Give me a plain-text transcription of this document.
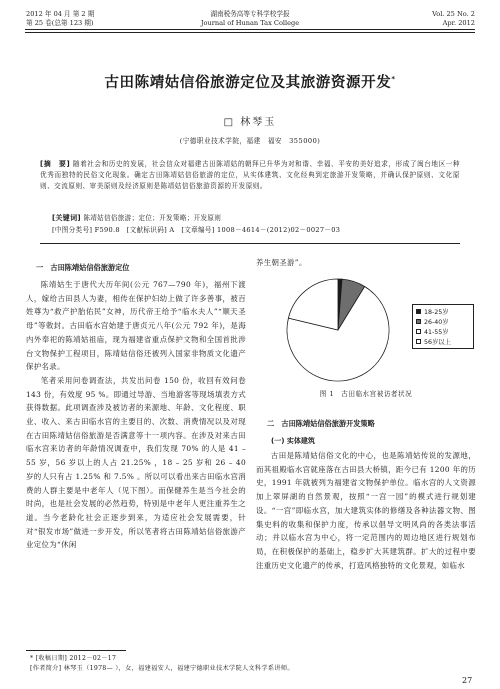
2012 年 04 月 第 2 期
第 25 卷(总第 123 期)
湖南税务高等专科学校学报
Journal of Hunan Tax College
Vol. 25 No. 2
Apr. 2012
古田陈靖姑信俗旅游定位及其旅游资源开发*
□ 林琴玉
(宁德职业技术学院，福建　福安　355000)
[摘　要] 随着社会和历史的发展，社会信众对福建古田陈靖姑的朝拜已升华为对和谐、幸福、平安的美好追求，形成了闽台地区一种优秀而独特的民俗文化现象。确定古田陈靖姑信俗旅游的定位，从实体建筑、文化经典到定旅游开发策略，并确认保护原则、文化原则、交流原则、审美原则及经济原则是陈靖姑信俗旅游资源的开发原则。
[关键词] 陈靖姑信俗旅游；定位；开发策略；开发原则
[中图分类号] F590.8　[文献标识码] A　[文章编号] 1008－4614－(2012)02－0027－03
一　古田陈靖姑信俗旅游定位

陈靖姑生于唐代大历年间(公元 767—790 年)，福州下渡人，嫁给古田县人为妻，相传在保护妇幼上做了许多善事，被百姓尊为“救产护胎佑民”女神，历代帝王给予“临水夫人”“顺天圣母”等敕封。古田临水宫始建于唐贞元八年(公元 792 年)，是海内外奉祀的陈靖姑祖庙，现为福建省重点保护文物和全国首批涉台文物保护工程项目，陈靖姑信俗还被列入国家非物质文化遗产保护名录。

笔者采用问卷调查法，共发出问卷 150 份，收回有效问卷 143 份，有效度 95 %。即通过导游、当地游客等现场填表方式获得数据。此项调查涉及被访者的来源地、年龄、文化程度、职业、收入、来古田临水宫的主要目的、次数、消费情况以及对现在古田陈靖姑信俗旅游是否满意等十一项内容。在涉及对来古田临水宫来访者的年龄情况调查中，我们发现 70% 的人是 41 – 55 岁，56 岁以上的人占 21.25% ，18 – 25 岁和 26 – 40 岁的人只有占 1.25% 和 7.5% 。所以可以看出来古田临水宫消费的人群主要是中老年人（见下图）。而保健养生是当今社会的时尚，也是社会发展的必然趋势，特别是中老年人更注重养生之道。当今老龄化社会正逐步到来，为适应社会发展需要，针对“银发市场”做进一步开发，所以笔者将古田陈靖姑信俗旅游产业定位为“休闲

养生朝圣游”。

18-25岁
26-40岁
41-55岁
56岁以上
图 1　古田临水宫被访者状况
二　古田陈靖姑信俗旅游开发策略
(一) 实体建筑

古田是陈靖姑信俗文化的中心，也是陈靖姑传说的发源地，而其祖殿临水宫就座落在古田县大桥镇，距今已有 1200 年的历史，1991 年就被列为福建省文物保护单位。临水宫的人文资源加上翠屏湖的自然景观，按照“一宫一园”的模式进行规划建设。“一宫”即临水宫，加大建筑实体的修缮及各种法器文物、图集史料的收集和保护力度，传承以倡导文明风尚的各类法事活动；并以临水宫为中心，将一定范围内的周边地区进行规划布局，在积极保护的基础上，稳步扩大其建筑群。扩大的过程中要注重历史文化遗产的传承，打造风格独特的文化景观，如临水

* [收稿日期] 2012－02－17
[作者简介] 林琴玉（1978— ），女，福建福安人，福建宁德职业技术学院人文科学系讲师。
27
